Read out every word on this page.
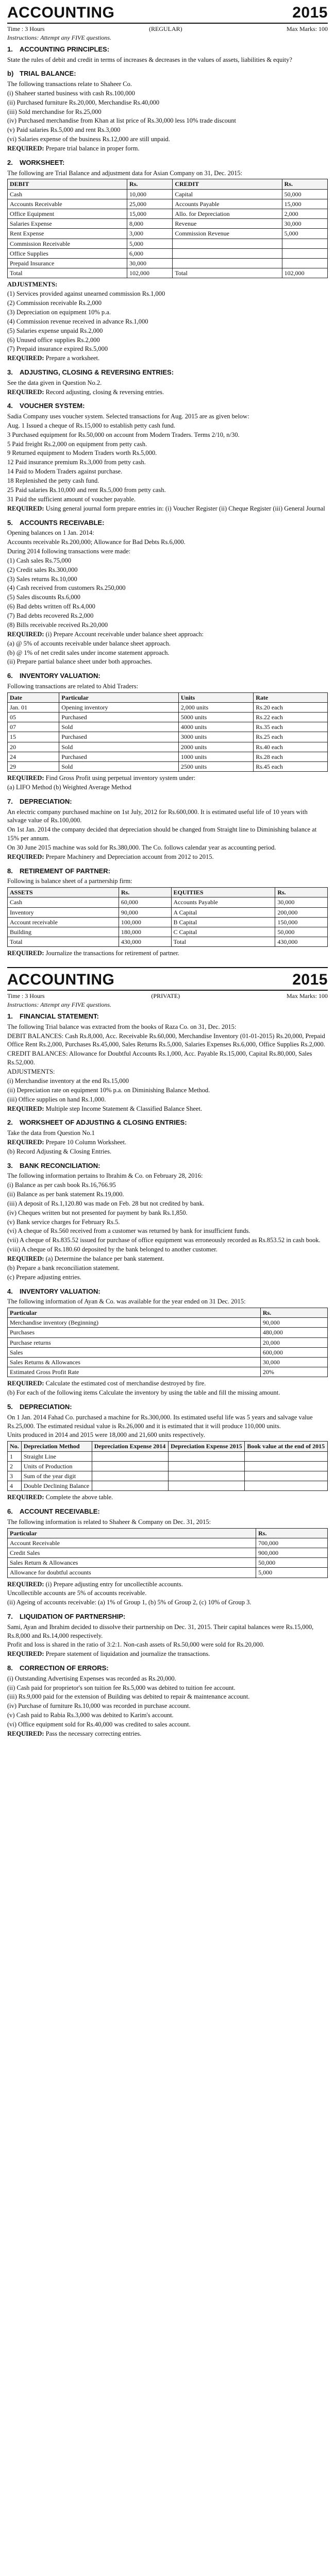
ACCOUNTING	2015
Time : 3 Hours	(REGULAR)	Max Marks: 100
Instructions: Attempt any FIVE questions.
1. ACCOUNTING PRINCIPLES:
State the rules of debit and credit in terms of increases & decreases in the values of assets, liabilities & equity?
b) TRIAL BALANCE:
The following transactions relate to Shaheer Co.
(i) Shaheer started business with cash Rs.100,000
(ii) Purchased furniture Rs.20,000, Merchandise Rs.40,000
(iii) Sold merchandise for Rs.25,000
(iv) Purchased merchandise from Khan at list price of Rs.30,000 less 10% trade discount
(v) Paid salaries Rs.5,000 and rent Rs.3,000
(vi) Salaries expense of the business Rs.12,000 are still unpaid.
REQUIRED: Prepare trial balance in proper form.
2. WORKSHEET:
The following are Trial Balance and adjustment data for Asian Company on 31, Dec. 2015:
DEBIT	Rs.	CREDIT	Rs.
Cash	10,000	Capital	50,000
Accounts Receivable	25,000	Accounts Payable	15,000
Office Equipment	15,000	Allo. for Depreciation	2,000
Salaries Expense	8,000	Revenue	30,000
Rent Expense	3,000	Commission Revenue	5,000
Commission Receivable	5,000		
Office Supplies	6,000		
Prepaid Insurance	30,000		
Total	102,000	Total	102,000
ADJUSTMENTS:
(1) Services provided against unearned commission Rs.1,000
(2) Commission receivable Rs.2,000
(3) Depreciation on equipment 10% p.a.
(4) Commission revenue received in advance Rs.1,000
(5) Salaries expense unpaid Rs.2,000
(6) Unused office supplies Rs.2,000
(7) Prepaid insurance expired Rs.5,000
REQUIRED: Prepare a worksheet.
3. ADJUSTING, CLOSING & REVERSING ENTRIES:
See the data given in Question No.2.
REQUIRED: Record adjusting, closing & reversing entries.
4. VOUCHER SYSTEM:
Sadia Company uses voucher system. Selected transactions for Aug. 2015 are as given below:
Aug. 1 Issued a cheque of Rs.15,000 to establish petty cash fund.
3 Purchased equipment for Rs.50,000 on account from Modern Traders. Terms 2/10, n/30.
5 Paid freight Rs.2,000 on equipment from petty cash.
9 Returned equipment to Modern Traders worth Rs.5,000.
12 Paid insurance premium Rs.3,000 from petty cash.
14 Paid to Modern Traders against purchase.
18 Replenished the petty cash fund.
25 Paid salaries Rs.10,000 and rent Rs.5,000 from petty cash.
31 Paid the sufficient amount of voucher payable.
REQUIRED: Using general journal form prepare entries in: (i) Voucher Register (ii) Cheque Register (iii) General Journal
5. ACCOUNTS RECEIVABLE:
Opening balances on 1 Jan. 2014:
Accounts receivable Rs.200,000; Allowance for Bad Debts Rs.6,000.
During 2014 following transactions were made:
(1) Cash sales Rs.75,000
(2) Credit sales Rs.300,000
(3) Sales returns Rs.10,000
(4) Cash received from customers Rs.250,000
(5) Sales discounts Rs.6,000
(6) Bad debts written off Rs.4,000
(7) Bad debts recovered Rs.2,000
(8) Bills receivable received Rs.20,000
REQUIRED: (i) Prepare Account receivable under balance sheet approach:
(a) @ 5% of accounts receivable under balance sheet approach.
(b) @ 1% of net credit sales under income statement approach.
(ii) Prepare partial balance sheet under both approaches.
6. INVENTORY VALUATION:
Following transactions are related to Abid Traders:
Date	Particular	Units	Rate
Jan. 01	Opening inventory	2,000 units	Rs.20 each
05	Purchased	5000 units	Rs.22 each
07	Sold	4000 units	Rs.35 each
15	Purchased	3000 units	Rs.25 each
20	Sold	2000 units	Rs.40 each
24	Purchased	1000 units	Rs.28 each
29	Sold	2500 units	Rs.45 each
REQUIRED: Find Gross Profit using perpetual inventory system under:
(a) LIFO Method (b) Weighted Average Method
7. DEPRECIATION:
An electric company purchased machine on 1st July, 2012 for Rs.600,000. It is estimated useful life of 10 years with salvage value of Rs.100,000.
On 1st Jan. 2014 the company decided that depreciation should be changed from Straight line to Diminishing balance at 15% per annum.
On 30 June 2015 machine was sold for Rs.380,000. The Co. follows calendar year as accounting period.
REQUIRED: Prepare Machinery and Depreciation account from 2012 to 2015.
8. RETIREMENT OF PARTNER:
Following is balance sheet of a partnership firm:
ASSETS	Rs.	EQUITIES	Rs.
Cash	60,000	Accounts Payable	30,000
Inventory	90,000	A Capital	200,000
Account receivable	100,000	B Capital	150,000
Building	180,000	C Capital	50,000
Total	430,000	Total	430,000
REQUIRED: Journalize the transactions for retirement of partner.
ACCOUNTING	2015
Time : 3 Hours	(PRIVATE)	Max Marks: 100
Instructions: Attempt any FIVE questions.
1. FINANCIAL STATEMENT:
The following Trial balance was extracted from the books of Raza Co. on 31, Dec. 2015:
DEBIT BALANCES: Cash Rs.8,000, Acc. Receivable Rs.60,000, Merchandise Inventory (01-01-2015) Rs.20,000, Prepaid Office Rent Rs.2,000, Purchases Rs.45,000, Sales Returns Rs.5,000, Salaries Expenses Rs.6,000, Office Supplies Rs.2,000.
CREDIT BALANCES: Allowance for Doubtful Accounts Rs.1,000, Acc. Payable Rs.15,000, Capital Rs.80,000, Sales Rs.52,000.
ADJUSTMENTS:
(i) Merchandise inventory at the end Rs.15,000
(ii) Depreciation rate on equipment 10% p.a. on Diminishing Balance Method.
(iii) Office supplies on hand Rs.1,000.
REQUIRED: Multiple step Income Statement & Classified Balance Sheet.
2. WORKSHEET OF ADJUSTING & CLOSING ENTRIES:
Take the data from Question No.1
REQUIRED: Prepare 10 Column Worksheet.
(b) Record Adjusting & Closing Entries.
3. BANK RECONCILIATION:
The following information pertains to Ibrahim & Co. on February 28, 2016:
(i) Balance as per cash book Rs.16,766.95
(ii) Balance as per bank statement Rs.19,000.
(iii) A deposit of Rs.1,120.80 was made on Feb. 28 but not credited by bank.
(iv) Cheques written but not presented for payment by bank Rs.1,850.
(v) Bank service charges for February Rs.5.
(vi) A cheque of Rs.560 received from a customer was returned by bank for insufficient funds.
(vii) A cheque of Rs.835.52 issued for purchase of office equipment was erroneously recorded as Rs.853.52 in cash book.
(viii) A cheque of Rs.180.60 deposited by the bank belonged to another customer.
REQUIRED: (a) Determine the balance per bank statement.
(b) Prepare a bank reconciliation statement.
(c) Prepare adjusting entries.
4. INVENTORY VALUATION:
The following information of Ayan & Co. was available for the year ended on 31 Dec. 2015:
Particular	Rs.
Merchandise inventory (Beginning)	90,000
Purchases	480,000
Purchase returns	20,000
Sales	600,000
Sales Returns & Allowances	30,000
Estimated Gross Profit Rate	20%
REQUIRED: Calculate the estimated cost of merchandise destroyed by fire.
(b) For each of the following items Calculate the inventory by using the table and fill the missing amount.
5. DEPRECIATION:
On 1 Jan. 2014 Fahad Co. purchased a machine for Rs.300,000. Its estimated useful life was 5 years and salvage value Rs.25,000. The estimated residual value is Rs.26,000 and it is estimated that it will produce 110,000 units.
Units produced in 2014 and 2015 were 18,000 and 21,600 units respectively.
No.	Depreciation Method	Depreciation Expense 2014	Depreciation Expense 2015	Book value at the end of 2015
1	Straight Line			
2	Units of Production			
3	Sum of the year digit			
4	Double Declining Balance			
REQUIRED: Complete the above table.
6. ACCOUNT RECEIVABLE:
The following information is related to Shaheer & Company on Dec. 31, 2015:
Particular	Rs.
Account Receivable	700,000
Credit Sales	900,000
Sales Return & Allowances	50,000
Allowance for doubtful accounts	5,000
REQUIRED: (i) Prepare adjusting entry for uncollectible accounts.
Uncollectible accounts are 5% of accounts receivable.
(ii) Ageing of accounts receivable: (a) 1% of Group 1, (b) 5% of Group 2, (c) 10% of Group 3.
7. LIQUIDATION OF PARTNERSHIP:
Sami, Ayan and Ibrahim decided to dissolve their partnership on Dec. 31, 2015. Their capital balances were Rs.15,000, Rs.8,000 and Rs.14,000 respectively.
Profit and loss is shared in the ratio of 3:2:1. Non-cash assets of Rs.50,000 were sold for Rs.20,000.
REQUIRED: Prepare statement of liquidation and journalize the transactions.
8. CORRECTION OF ERRORS:
(i) Outstanding Advertising Expenses was recorded as Rs.20,000.
(ii) Cash paid for proprietor's son tuition fee Rs.5,000 was debited to tuition fee account.
(iii) Rs.9,000 paid for the extension of Building was debited to repair & maintenance account.
(iv) Purchase of furniture Rs.10,000 was recorded in purchase account.
(v) Cash paid to Rabia Rs.3,000 was debited to Karim's account.
(vi) Office equipment sold for Rs.40,000 was credited to sales account.
REQUIRED: Pass the necessary correcting entries.
